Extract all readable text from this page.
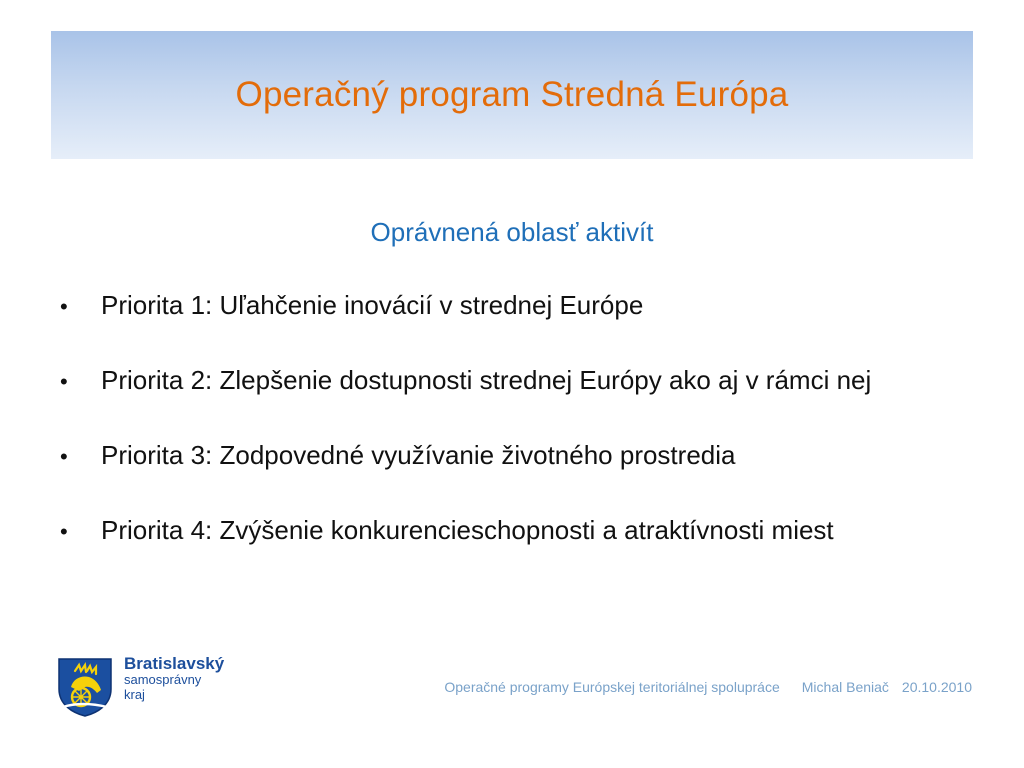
Operačný program Stredná Európa
Oprávnená oblasť aktivít
•	Priorita 1: Uľahčenie inovácií v strednej Európe
•	Priorita 2: Zlepšenie dostupnosti strednej Európy ako aj v rámci nej
•	Priorita 3: Zodpovedné využívanie životného prostredia
•	Priorita 4: Zvýšenie konkurencieschopnosti a atraktívnosti miest
Bratislavský
samosprávny
kraj	Operačné programy Európskej teritoriálnej spolupráce Michal Beniač 20.10.2010
